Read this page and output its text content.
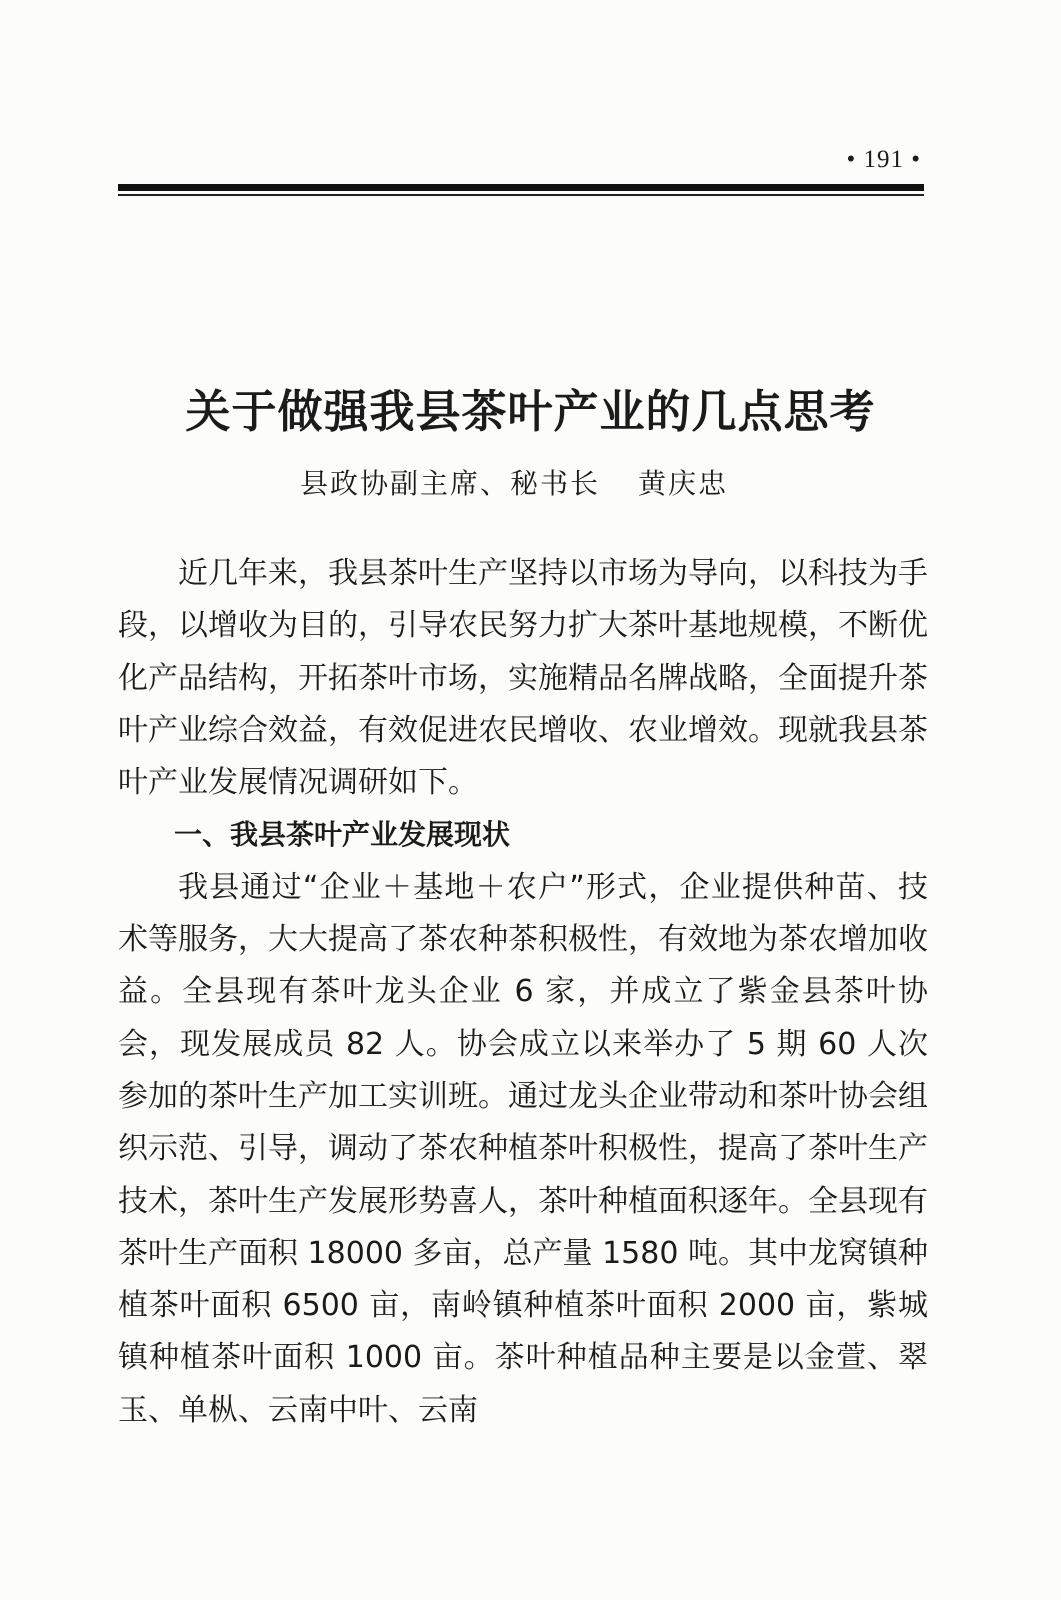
• 191 •
关于做强我县茶叶产业的几点思考
县政协副主席、秘书长 黄庆忠

近几年来，我县茶叶生产坚持以市场为导向，以科技为手段，以增收为目的，引导农民努力扩大茶叶基地规模，不断优化产品结构，开拓茶叶市场，实施精品名牌战略，全面提升茶叶产业综合效益，有效促进农民增收、农业增效。现就我县茶叶产业发展情况调研如下。

一、我县茶叶产业发展现状

我县通过“企业＋基地＋农户”形式，企业提供种苗、技术等服务，大大提高了茶农种茶积极性，有效地为茶农增加收益。全县现有茶叶龙头企业 6 家，并成立了紫金县茶叶协会，现发展成员 82 人。协会成立以来举办了 5 期 60 人次参加的茶叶生产加工实训班。通过龙头企业带动和茶叶协会组织示范、引导，调动了茶农种植茶叶积极性，提高了茶叶生产技术，茶叶生产发展形势喜人，茶叶种植面积逐年。全县现有茶叶生产面积 18000 多亩，总产量 1580 吨。其中龙窝镇种植茶叶面积 6500 亩，南岭镇种植茶叶面积 2000 亩，紫城镇种植茶叶面积 1000 亩。茶叶种植品种主要是以金萱、翠玉、单枞、云南中叶、云南
